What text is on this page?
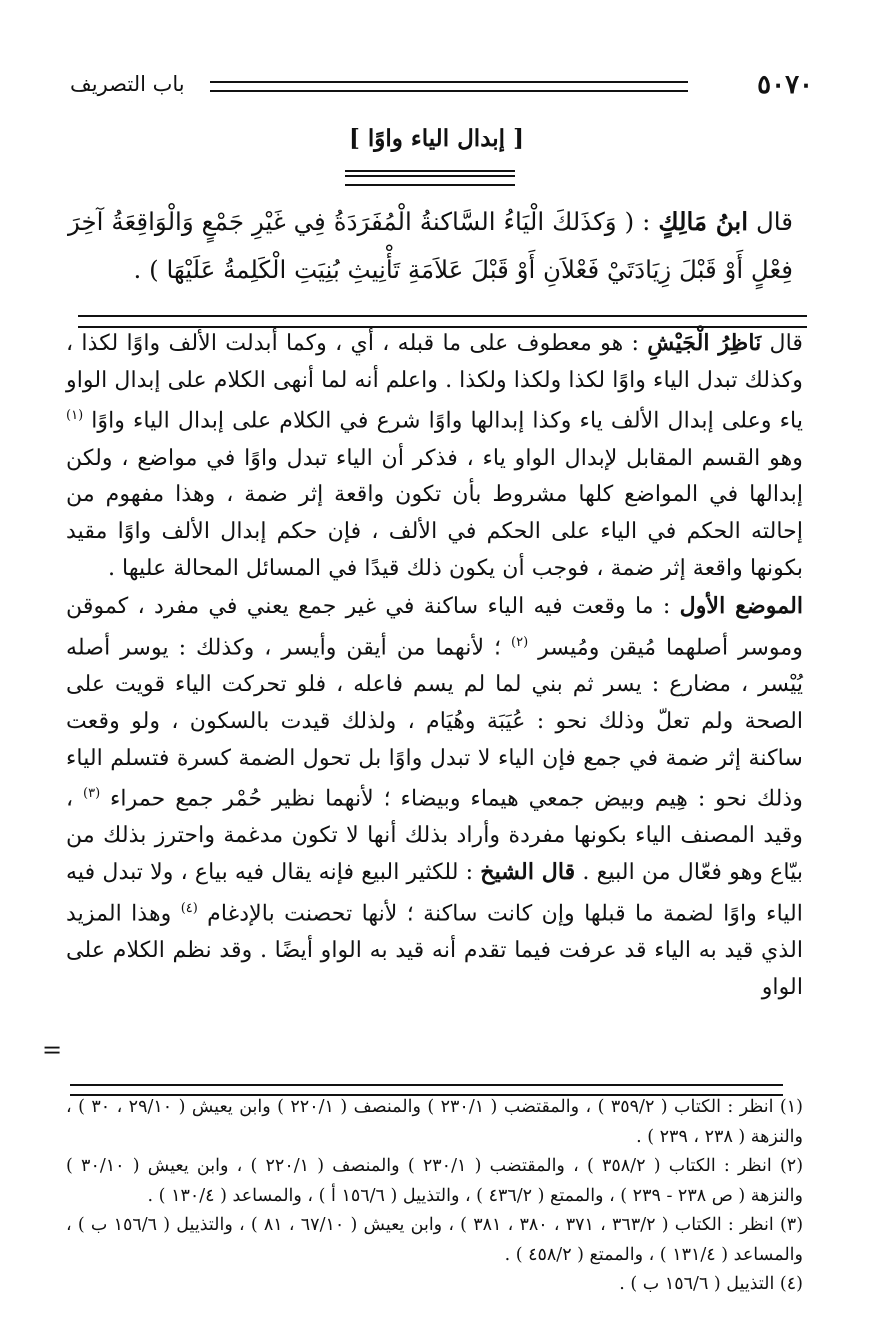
٥٠٧٠
باب التصريف
[ إبدال الياء واوًا ]
قال ابنُ مَالِكٍ : ( وَكذَلكَ الْيَاءُ السَّاكنةُ الْمُفَرَدَةُ فِي غَيْرِ جَمْعٍ وَالْوَاقِعَةُ آخِرَ فِعْلٍ أَوْ قَبْلَ زِيَادَتَيْ فَعْلاَنِ أَوْ قَبْلَ عَلاَمَةِ تَأْنِيثِ بُنِيَتِ الْكَلِمةُ عَلَيْهَا ) .

قال نَاظِرُ الْجَيْشِ : هو معطوف على ما قبله ، أي ، وكما أبدلت الألف واوًا لكذا ، وكذلك تبدل الياء واوًا لكذا ولكذا ولكذا . واعلم أنه لما أنهى الكلام على إبدال الواو ياء وعلى إبدال الألف ياء وكذا إبدالها واوًا شرع في الكلام على إبدال الياء واوًا $^{(١)}$ وهو القسم المقابل لإبدال الواو ياء ، فذكر أن الياء تبدل واوًا في مواضع ، ولكن إبدالها في المواضع كلها مشروط بأن تكون واقعة إثر ضمة ، وهذا مفهوم من إحالته الحكم في الياء على الحكم في الألف ، فإن حكم إبدال الألف واوًا مقيد بكونها واقعة إثر ضمة ، فوجب أن يكون ذلك قيدًا في المسائل المحالة عليها .

الموضع الأول : ما وقعت فيه الياء ساكنة في غير جمع يعني في مفرد ، كموقن وموسر أصلهما مُيقن ومُيسر $^{(٢)}$ ؛ لأنهما من أيقن وأيسر ، وكذلك : يوسر أصله يُيْسر ، مضارع : يسر ثم بني لما لم يسم فاعله ، فلو تحركت الياء قويت على الصحة ولم تعلّ وذلك نحو : عُيَبَة وهُيَام ، ولذلك قيدت بالسكون ، ولو وقعت ساكنة إثر ضمة في جمع فإن الياء لا تبدل واوًا بل تحول الضمة كسرة فتسلم الياء وذلك نحو : هِيم وبيض جمعي هيماء وبيضاء ؛ لأنهما نظير حُمْر جمع حمراء $^{(٣)}$ ، وقيد المصنف الياء بكونها مفردة وأراد بذلك أنها لا تكون مدغمة واحترز بذلك من بيّاع وهو فعّال من البيع . قال الشيخ : للكثير البيع فإنه يقال فيه بياع ، ولا تبدل فيه الياء واوًا لضمة ما قبلها وإن كانت ساكنة ؛ لأنها تحصنت بالإدغام $^{(٤)}$ وهذا المزيد الذي قيد به الياء قد عرفت فيما تقدم أنه قيد به الواو أيضًا . وقد نظم الكلام على الواو

=
(١) انظر : الكتاب ( ٣٥٩/٢ ) ، والمقتضب ( ٢٣٠/١ ) والمنصف ( ٢٢٠/١ ) وابن يعيش ( ٢٩/١٠ ، ٣٠ ) ، والنزهة ( ٢٣٨ ، ٢٣٩ ) .
(٢) انظر : الكتاب ( ٣٥٨/٢ ) ، والمقتضب ( ٢٣٠/١ ) والمنصف ( ٢٢٠/١ ) ، وابن يعيش ( ٣٠/١٠ ) والنزهة ( ص ٢٣٨ - ٢٣٩ ) ، والممتع ( ٤٣٦/٢ ) ، والتذييل ( ١٥٦/٦ أ ) ، والمساعد ( ١٣٠/٤ ) .
(٣) انظر : الكتاب ( ٣٦٣/٢ ، ٣٧١ ، ٣٨٠ ، ٣٨١ ) ، وابن يعيش ( ٦٧/١٠ ، ٨١ ) ، والتذييل ( ١٥٦/٦ ب ) ، والمساعد ( ١٣١/٤ ) ، والممتع ( ٤٥٨/٢ ) .
(٤) التذييل ( ١٥٦/٦ ب ) .
